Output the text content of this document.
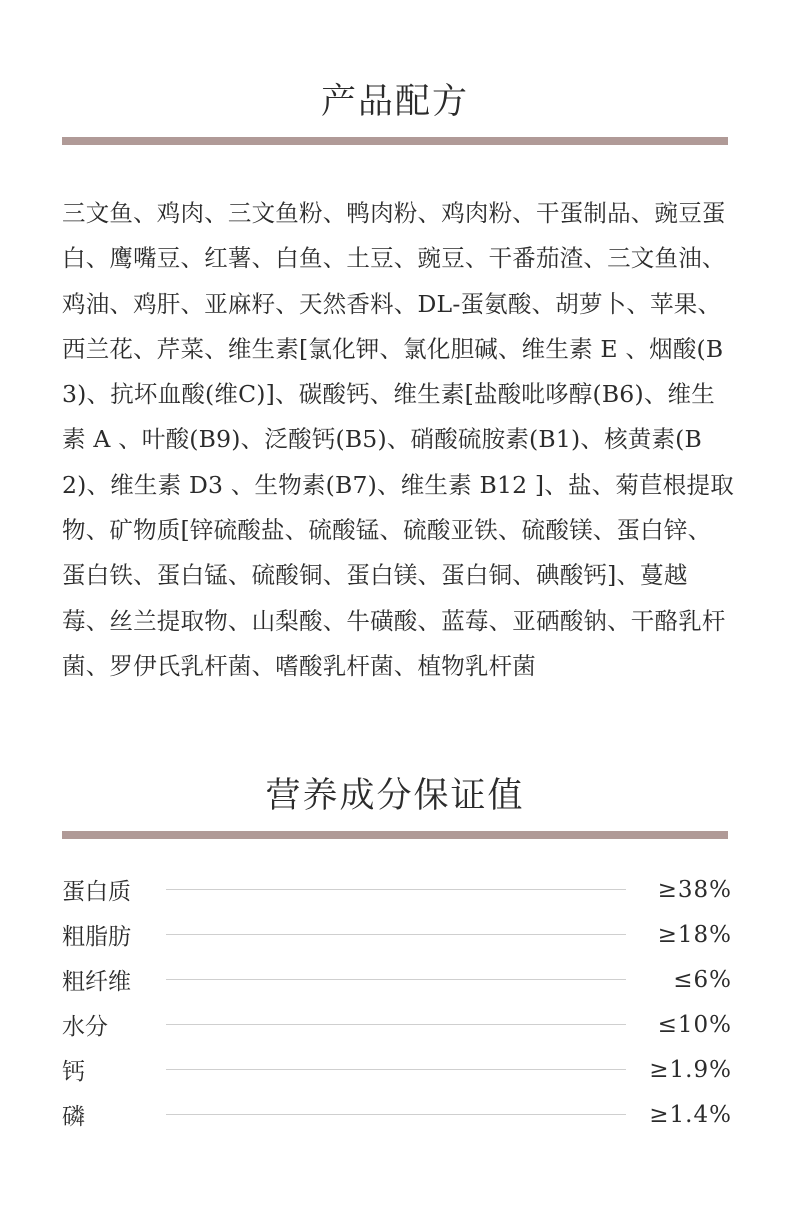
产品配方

三文鱼、鸡肉、三文鱼粉、鸭肉粉、鸡肉粉、干蛋制品、豌豆蛋白、鹰嘴豆、红薯、白鱼、土豆、豌豆、干番茄渣、三文鱼油、鸡油、鸡肝、亚麻籽、天然香料、DL-蛋氨酸、胡萝卜、苹果、西兰花、芹菜、维生素[氯化钾、氯化胆碱、维生素 E 、烟酸(B3)、抗坏血酸(维C)]、碳酸钙、维生素[盐酸吡哆醇(B6)、维生素 A 、叶酸(B9)、泛酸钙(B5)、硝酸硫胺素(B1)、核黄素(B2)、维生素 D3 、生物素(B7)、维生素 B12 ]、盐、菊苣根提取物、矿物质[锌硫酸盐、硫酸锰、硫酸亚铁、硫酸镁、蛋白锌、蛋白铁、蛋白锰、硫酸铜、蛋白镁、蛋白铜、碘酸钙]、蔓越莓、丝兰提取物、山梨酸、牛磺酸、蓝莓、亚硒酸钠、干酪乳杆菌、罗伊氏乳杆菌、嗜酸乳杆菌、植物乳杆菌

营养成分保证值
蛋白质	≥38%
粗脂肪	≥18%
粗纤维	≤6%
水分	≤10%
钙	≥1.9%
磷	≥1.4%
